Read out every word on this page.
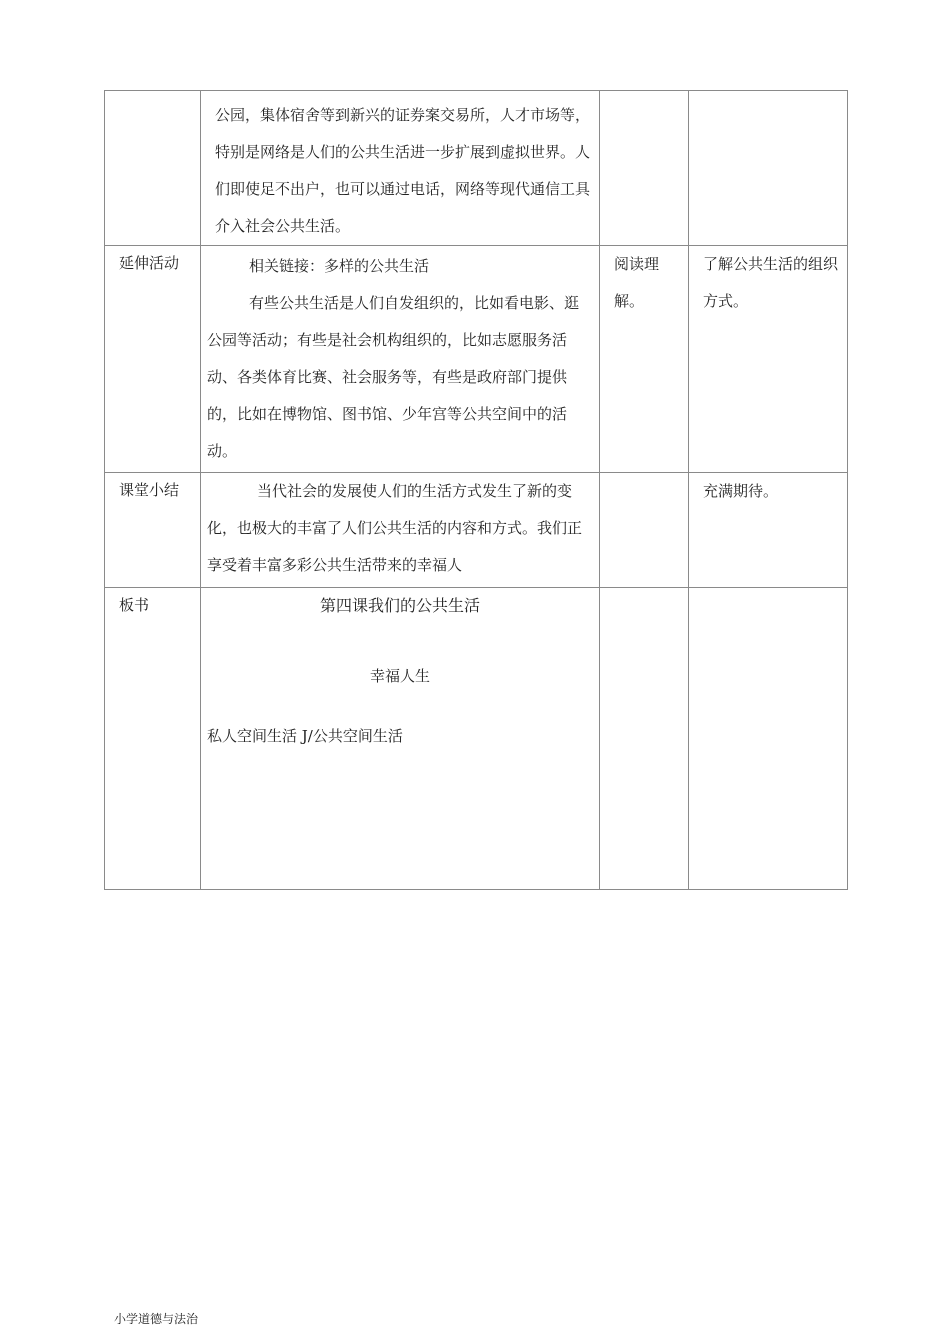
	公园，集体宿舍等到新兴的证券案交易所，人才市场等，特别是网络是人们的公共生活进一步扩展到虚拟世界。人们即使足不出户，也可以通过电话，网络等现代通信工具介入社会公共生活。		

延伸活动	相关链接：多样的公共生活

有些公共生活是人们自发组织的，比如看电影、逛公园等活动；有些是社会机构组织的，比如志愿服务活动、各类体育比赛、社会服务等，有些是政府部门提供的，比如在博物馆、图书馆、少年宫等公共空间中的活动。	阅读理解。	了解公共生活的组织方式。
课堂小结	当代社会的发展使人们的生活方式发生了新的变化，也极大的丰富了人们公共生活的内容和方式。我们正享受着丰富多彩公共生活带来的幸福人		充满期待。
板书	第四课我们的公共生活
幸福人生
私人空间生活 J/公共空间生活		

小学道德与法治
